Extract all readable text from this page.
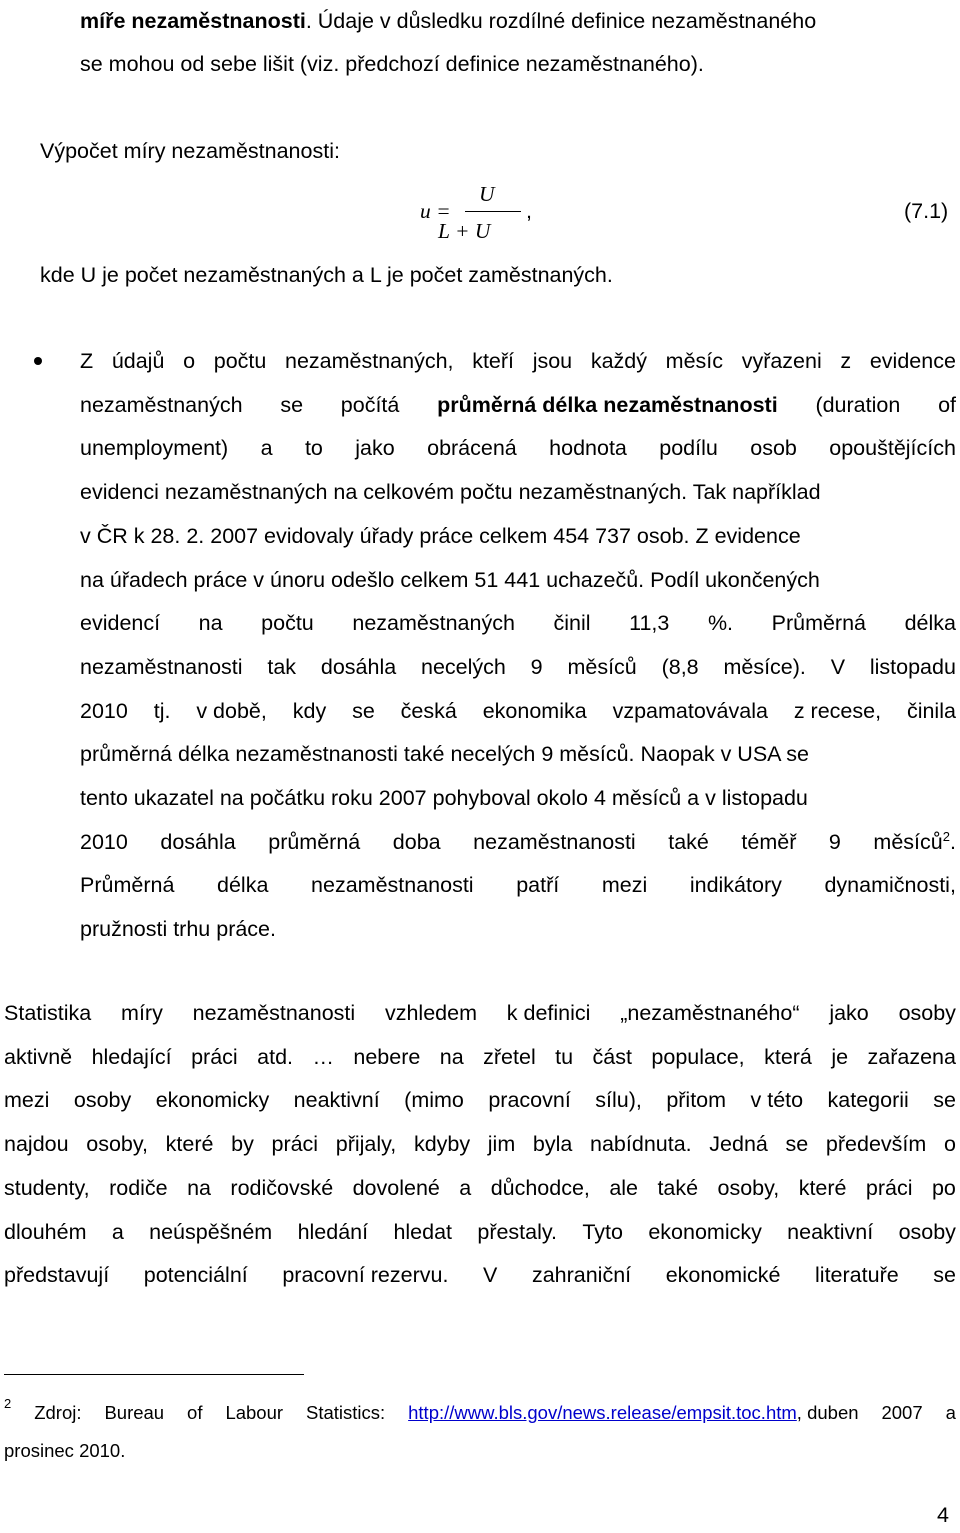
míře nezaměstnanosti. Údaje v důsledku rozdílné definice nezaměstnaného
se mohou od sebe lišit (viz. předchozí definice nezaměstnaného).
Výpočet míry nezaměstnanosti:
u =
U
L + U
,	(7.1)
kde U je počet nezaměstnaných a L je počet zaměstnaných.
Z údajů o počtu nezaměstnaných, kteří jsou každý měsíc vyřazeni z evidence
nezaměstnaných se počítá průměrná délka nezaměstnanosti (duration of
unemployment) a to jako obrácená hodnota podílu osob opouštějících
evidenci nezaměstnaných na celkovém počtu nezaměstnaných. Tak například
v ČR k 28. 2. 2007 evidovaly úřady práce celkem 454 737 osob. Z evidence
na úřadech práce v únoru odešlo celkem 51 441 uchazečů. Podíl ukončených
evidencí na počtu nezaměstnaných činil 11,3 %. Průměrná délka
nezaměstnanosti tak dosáhla necelých 9 měsíců (8,8 měsíce). V listopadu
2010 tj. v době, kdy se česká ekonomika vzpamatovávala z recese, činila
průměrná délka nezaměstnanosti také necelých 9 měsíců. Naopak v USA se
tento ukazatel na počátku roku 2007 pohyboval okolo 4 měsíců a v listopadu
2010 dosáhla průměrná doba nezaměstnanosti také téměř 9 měsíců$^2$.
Průměrná délka nezaměstnanosti patří mezi indikátory dynamičnosti,
pružnosti trhu práce.
Statistika míry nezaměstnanosti vzhledem k definici „nezaměstnaného“ jako osoby
aktivně hledající práci atd. … nebere na zřetel tu část populace, která je zařazena
mezi osoby ekonomicky neaktivní (mimo pracovní sílu), přitom v této kategorii se
najdou osoby, které by práci přijaly, kdyby jim byla nabídnuta. Jedná se především o
studenty, rodiče na rodičovské dovolené a důchodce, ale také osoby, které práci po
dlouhém a neúspěšném hledání hledat přestaly. Tyto ekonomicky neaktivní osoby
představují potenciální pracovní rezervu. V zahraniční ekonomické literatuře se
2 Zdroj: Bureau of Labour Statistics: http://www.bls.gov/news.release/empsit.toc.htm, duben 2007 a
prosinec 2010.
4
